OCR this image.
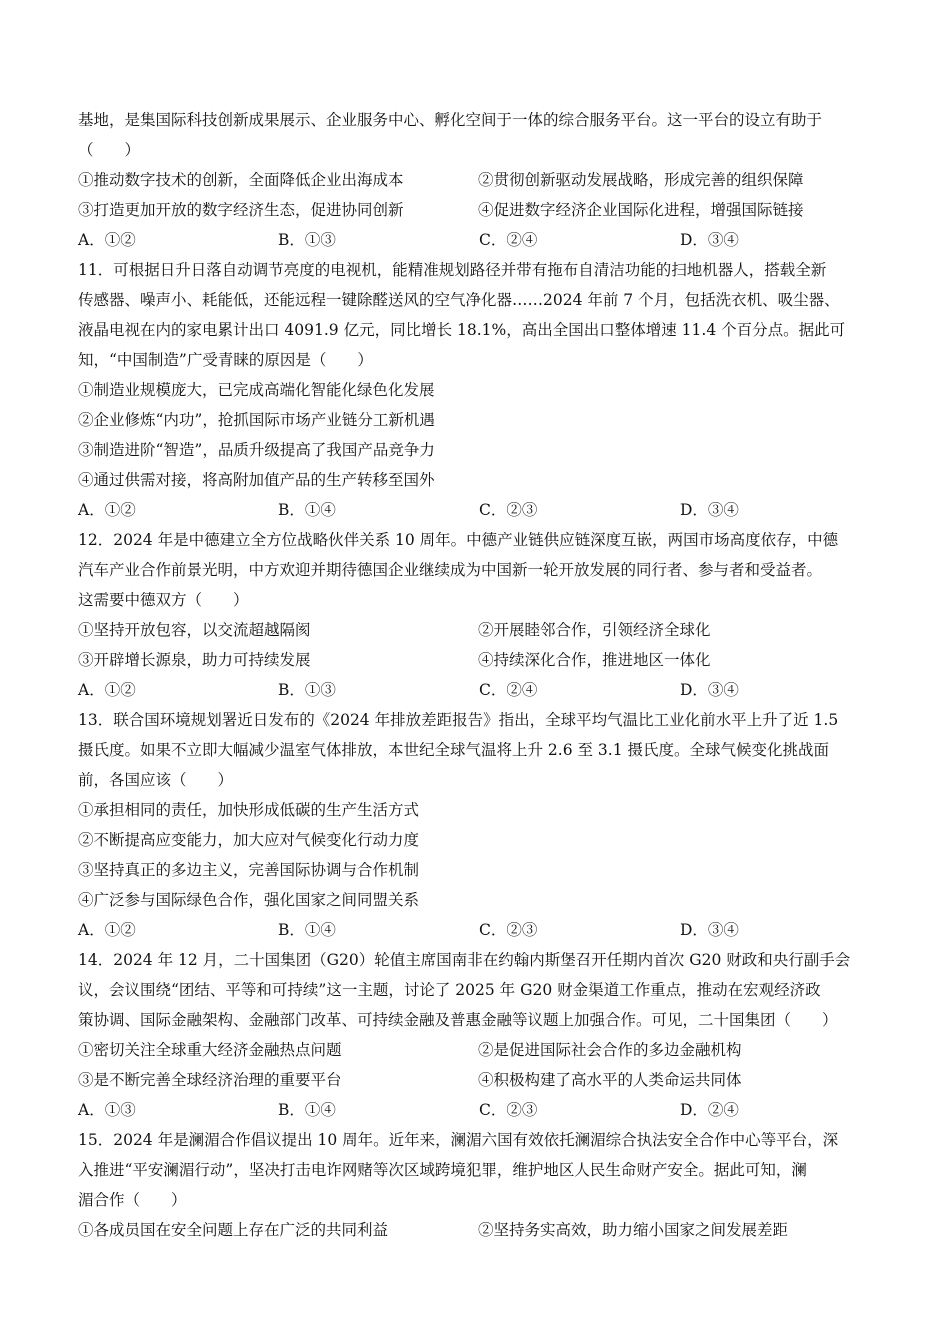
基地，是集国际科技创新成果展示、企业服务中心、孵化空间于一体的综合服务平台。这一平台的设立有助于
（　　）
①推动数字技术的创新，全面降低企业出海成本	②贯彻创新驱动发展战略，形成完善的组织保障
③打造更加开放的数字经济生态，促进协同创新	④促进数字经济企业国际化进程，增强国际链接
A．①②	B．①③	C．②④	D．③④
11．可根据日升日落自动调节亮度的电视机，能精准规划路径并带有拖布自清洁功能的扫地机器人，搭载全新
传感器、噪声小、耗能低，还能远程一键除醛送风的空气净化器……2024 年前 7 个月，包括洗衣机、吸尘器、
液晶电视在内的家电累计出口 4091.9 亿元，同比增长 18.1%，高出全国出口整体增速 11.4 个百分点。据此可
知，“中国制造”广受青睐的原因是（　　）
①制造业规模庞大，已完成高端化智能化绿色化发展
②企业修炼“内功”，抢抓国际市场产业链分工新机遇
③制造进阶“智造”，品质升级提高了我国产品竞争力
④通过供需对接，将高附加值产品的生产转移至国外
A．①②	B．①④	C．②③	D．③④
12．2024 年是中德建立全方位战略伙伴关系 10 周年。中德产业链供应链深度互嵌，两国市场高度依存，中德
汽车产业合作前景光明，中方欢迎并期待德国企业继续成为中国新一轮开放发展的同行者、参与者和受益者。
这需要中德双方（　　）
①坚持开放包容，以交流超越隔阂	②开展睦邻合作，引领经济全球化
③开辟增长源泉，助力可持续发展	④持续深化合作，推进地区一体化
A．①②	B．①③	C．②④	D．③④
13．联合国环境规划署近日发布的《2024 年排放差距报告》指出，全球平均气温比工业化前水平上升了近 1.5
摄氏度。如果不立即大幅减少温室气体排放，本世纪全球气温将上升 2.6 至 3.1 摄氏度。全球气候变化挑战面
前，各国应该（　　）
①承担相同的责任，加快形成低碳的生产生活方式
②不断提高应变能力，加大应对气候变化行动力度
③坚持真正的多边主义，完善国际协调与合作机制
④广泛参与国际绿色合作，强化国家之间同盟关系
A．①②	B．①④	C．②③	D．③④
14．2024 年 12 月，二十国集团（G20）轮值主席国南非在约翰内斯堡召开任期内首次 G20 财政和央行副手会
议，会议围绕“团结、平等和可持续”这一主题，讨论了 2025 年 G20 财金渠道工作重点，推动在宏观经济政
策协调、国际金融架构、金融部门改革、可持续金融及普惠金融等议题上加强合作。可见，二十国集团（　　）
①密切关注全球重大经济金融热点问题	②是促进国际社会合作的多边金融机构
③是不断完善全球经济治理的重要平台	④积极构建了高水平的人类命运共同体
A．①③	B．①④	C．②③	D．②④
15．2024 年是澜湄合作倡议提出 10 周年。近年来，澜湄六国有效依托澜湄综合执法安全合作中心等平台，深
入推进“平安澜湄行动”，坚决打击电诈网赌等次区域跨境犯罪，维护地区人民生命财产安全。据此可知，澜
湄合作（　　）
①各成员国在安全问题上存在广泛的共同利益	②坚持务实高效，助力缩小国家之间发展差距
